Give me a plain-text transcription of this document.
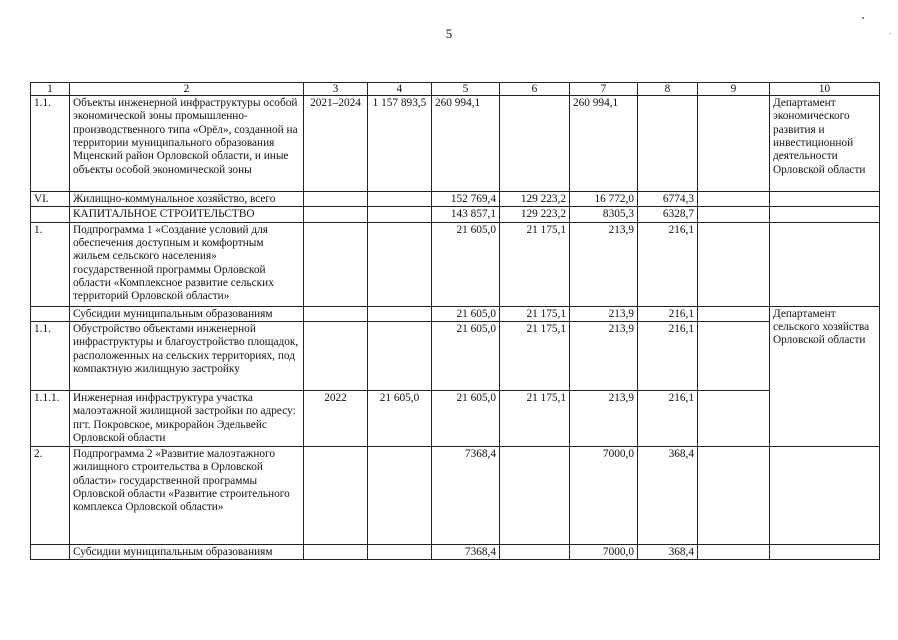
5
1	2	3	4	5	6	7	8	9	10
1.1.	Объекты инженерной инфраструктуры особой экономической зоны промышленно-производственного типа «Орёл», созданной на территории муниципального образования Мценский район Орловской области, и иные объекты особой экономической зоны	2021–2024	1 157 893,5	260 994,1		260 994,1			Департамент экономического развития и инвестиционной деятельности Орловской области
VI.	Жилищно-коммунальное хозяйство, всего			152 769,4	129 223,2	16 772,0	6774,3		
	КАПИТАЛЬНОЕ СТРОИТЕЛЬСТВО			143 857,1	129 223,2	8305,3	6328,7		
1.	Подпрограмма 1 «Создание условий для обеспечения доступным и комфортным жильем сельского населения» государственной программы Орловской области «Комплексное развитие сельских территорий Орловской области»			21 605,0	21 175,1	213,9	216,1		
	Субсидии муниципальным образованиям			21 605,0	21 175,1	213,9	216,1		Департамент сельского хозяйства Орловской области
1.1.	Обустройство объектами инженерной инфраструктуры и благоустройство площадок, расположенных на сельских территориях, под компактную жилищную застройку			21 605,0	21 175,1	213,9	216,1		
1.1.1.	Инженерная инфраструктура участка малоэтажной жилищной застройки по адресу: пгт. Покровское, микрорайон Эдельвейс Орловской области	2022	21 605,0	21 605,0	21 175,1	213,9	216,1		
2.	Подпрограмма 2 «Развитие малоэтажного жилищного строительства в Орловской области» государственной программы Орловской области «Развитие строительного комплекса Орловской области»			7368,4		7000,0	368,4		
	Субсидии муниципальным образованиям			7368,4		7000,0	368,4		
